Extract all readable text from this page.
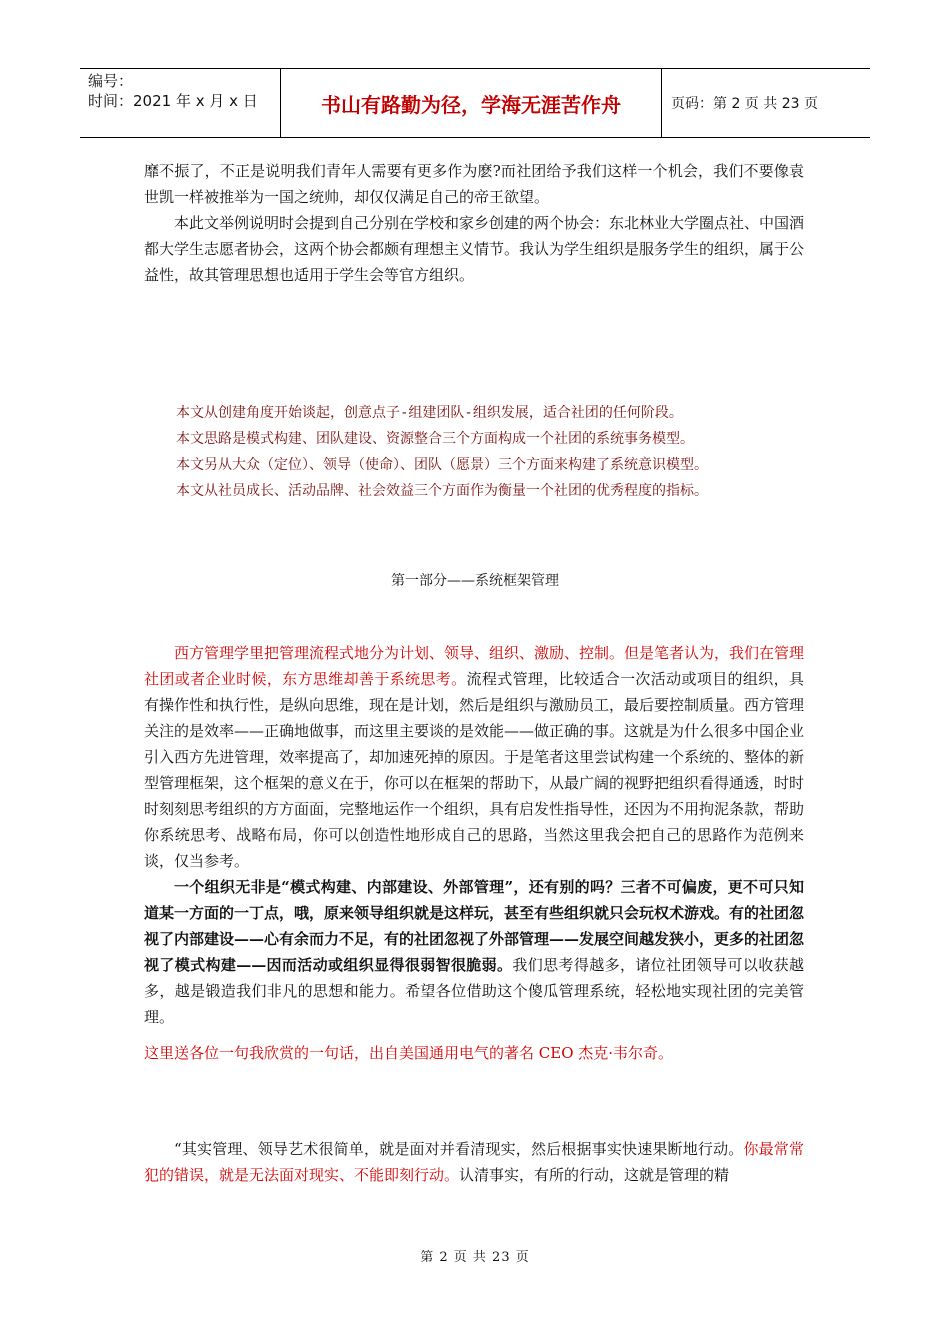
编号：
时间：2021 年 x 月 x 日	书山有路勤为径，学海无涯苦作舟	页码：第 2 页 共 23 页

靡不振了，不正是说明我们青年人需要有更多作为麽?而社团给予我们这样一个机会，我们不要像袁世凯一样被推举为一国之统帅，却仅仅满足自己的帝王欲望。

本此文举例说明时会提到自己分别在学校和家乡创建的两个协会：东北林业大学圈点社、中国酒都大学生志愿者协会，这两个协会都颇有理想主义情节。我认为学生组织是服务学生的组织，属于公益性，故其管理思想也适用于学生会等官方组织。

本文从创建角度开始谈起，创意点子-组建团队-组织发展，适合社团的任何阶段。
本文思路是模式构建、团队建设、资源整合三个方面构成一个社团的系统事务模型。
本文另从大众（定位）、领导（使命）、团队（愿景）三个方面来构建了系统意识模型。
本文从社员成长、活动品牌、社会效益三个方面作为衡量一个社团的优秀程度的指标。
第一部分——系统框架管理

西方管理学里把管理流程式地分为计划、领导、组织、激励、控制。但是笔者认为，我们在管理社团或者企业时候，东方思维却善于系统思考。流程式管理，比较适合一次活动或项目的组织，具有操作性和执行性，是纵向思维，现在是计划，然后是组织与激励员工，最后要控制质量。西方管理关注的是效率——正确地做事，而这里主要谈的是效能——做正确的事。这就是为什么很多中国企业引入西方先进管理，效率提高了，却加速死掉的原因。于是笔者这里尝试构建一个系统的、整体的新型管理框架，这个框架的意义在于，你可以在框架的帮助下，从最广阔的视野把组织看得通透，时时时刻刻思考组织的方方面面，完整地运作一个组织，具有启发性指导性，还因为不用拘泥条款，帮助你系统思考、战略布局，你可以创造性地形成自己的思路，当然这里我会把自己的思路作为范例来谈，仅当参考。

一个组织无非是“模式构建、内部建设、外部管理”，还有别的吗？三者不可偏废，更不可只知道某一方面的一丁点，哦，原来领导组织就是这样玩，甚至有些组织就只会玩权术游戏。有的社团忽视了内部建设——心有余而力不足，有的社团忽视了外部管理——发展空间越发狭小，更多的社团忽视了模式构建——因而活动或组织显得很弱智很脆弱。我们思考得越多，诸位社团领导可以收获越多，越是锻造我们非凡的思想和能力。希望各位借助这个傻瓜管理系统，轻松地实现社团的完美管理。

这里送各位一句我欣赏的一句话，出自美国通用电气的著名 CEO 杰克·韦尔奇。

“其实管理、领导艺术很简单，就是面对并看清现实，然后根据事实快速果断地行动。你最常常犯的错误，就是无法面对现实、不能即刻行动。认清事实，有所的行动，这就是管理的精

第 2 页 共 23 页
